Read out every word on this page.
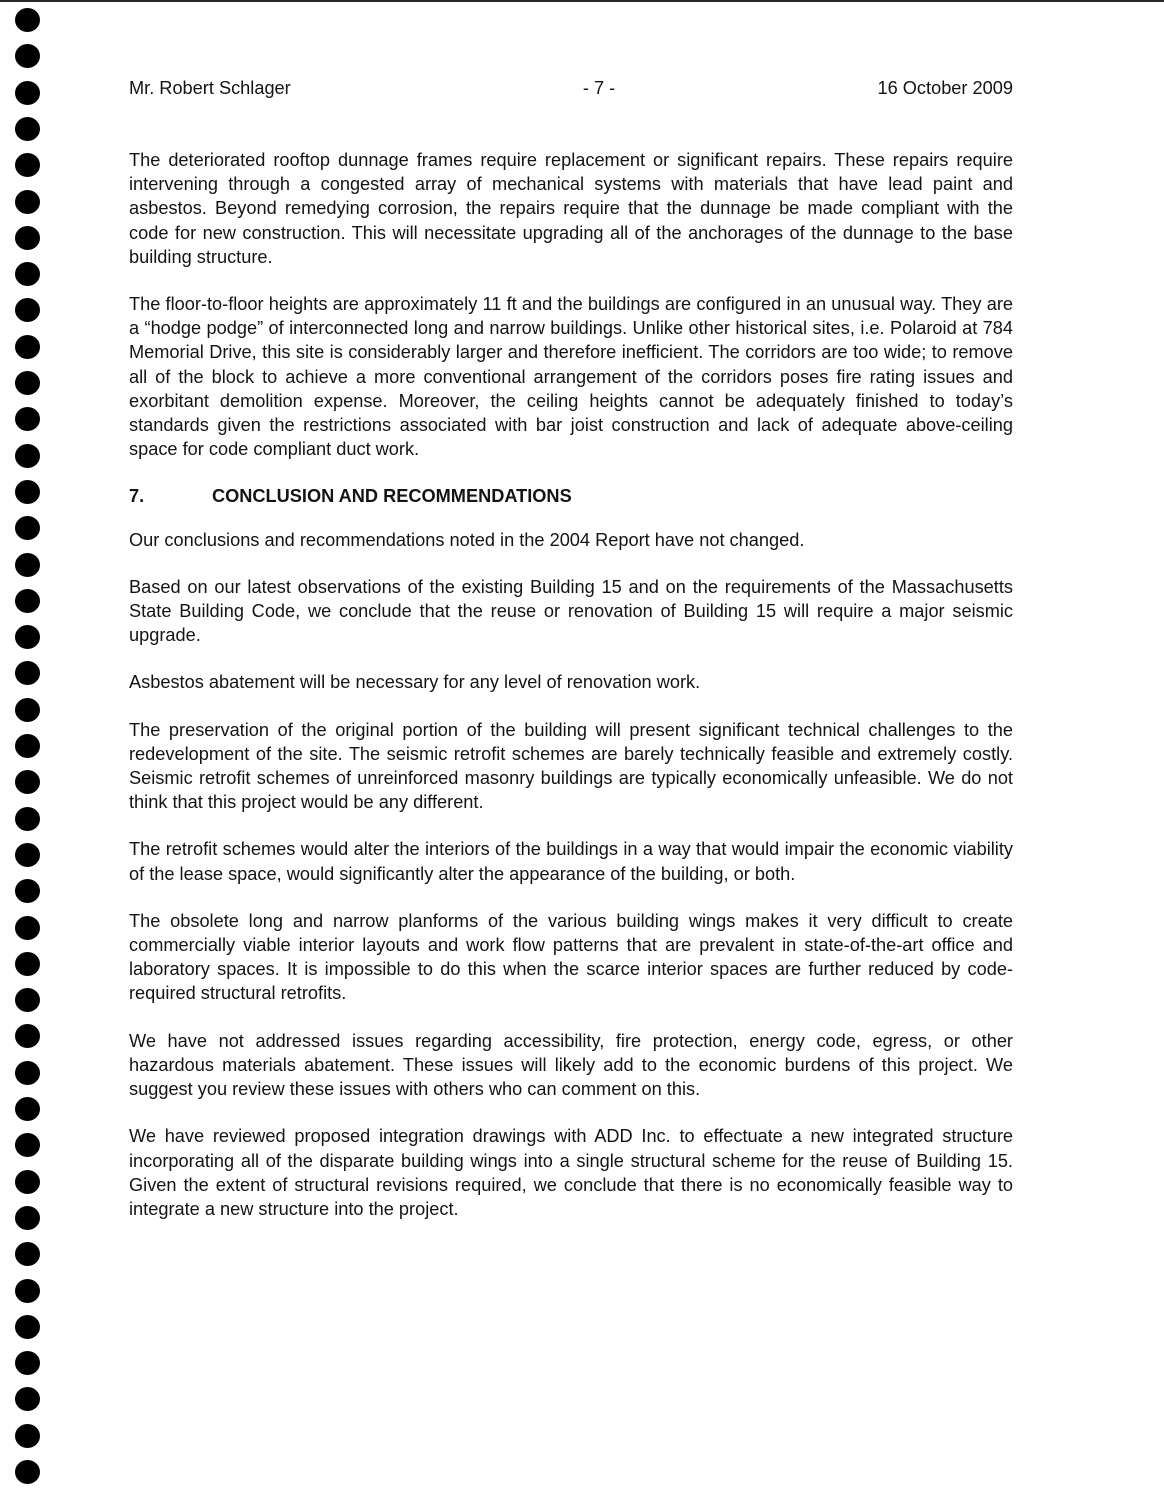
Mr. Robert Schlager	- 7 -	16 October 2009

The deteriorated rooftop dunnage frames require replacement or significant repairs. These repairs require intervening through a congested array of mechanical systems with materials that have lead paint and asbestos. Beyond remedying corrosion, the repairs require that the dunnage be made compliant with the code for new construction. This will necessitate upgrading all of the anchorages of the dunnage to the base building structure.

The floor-to-floor heights are approximately 11 ft and the buildings are configured in an unusual way. They are a “hodge podge” of interconnected long and narrow buildings. Unlike other historical sites, i.e. Polaroid at 784 Memorial Drive, this site is considerably larger and therefore inefficient. The corridors are too wide; to remove all of the block to achieve a more conventional arrangement of the corridors poses fire rating issues and exorbitant demolition expense. Moreover, the ceiling heights cannot be adequately finished to today’s standards given the restrictions associated with bar joist construction and lack of adequate above-ceiling space for code compliant duct work.

7.	CONCLUSION AND RECOMMENDATIONS

Our conclusions and recommendations noted in the 2004 Report have not changed.

Based on our latest observations of the existing Building 15 and on the requirements of the Massachusetts State Building Code, we conclude that the reuse or renovation of Building 15 will require a major seismic upgrade.

Asbestos abatement will be necessary for any level of renovation work.

The preservation of the original portion of the building will present significant technical challenges to the redevelopment of the site. The seismic retrofit schemes are barely technically feasible and extremely costly. Seismic retrofit schemes of unreinforced masonry buildings are typically economically unfeasible. We do not think that this project would be any different.

The retrofit schemes would alter the interiors of the buildings in a way that would impair the economic viability of the lease space, would significantly alter the appearance of the building, or both.

The obsolete long and narrow planforms of the various building wings makes it very difficult to create commercially viable interior layouts and work flow patterns that are prevalent in state-of-the-art office and laboratory spaces. It is impossible to do this when the scarce interior spaces are further reduced by code-required structural retrofits.

We have not addressed issues regarding accessibility, fire protection, energy code, egress, or other hazardous materials abatement. These issues will likely add to the economic burdens of this project. We suggest you review these issues with others who can comment on this.

We have reviewed proposed integration drawings with ADD Inc. to effectuate a new integrated structure incorporating all of the disparate building wings into a single structural scheme for the reuse of Building 15. Given the extent of structural revisions required, we conclude that there is no economically feasible way to integrate a new structure into the project.
